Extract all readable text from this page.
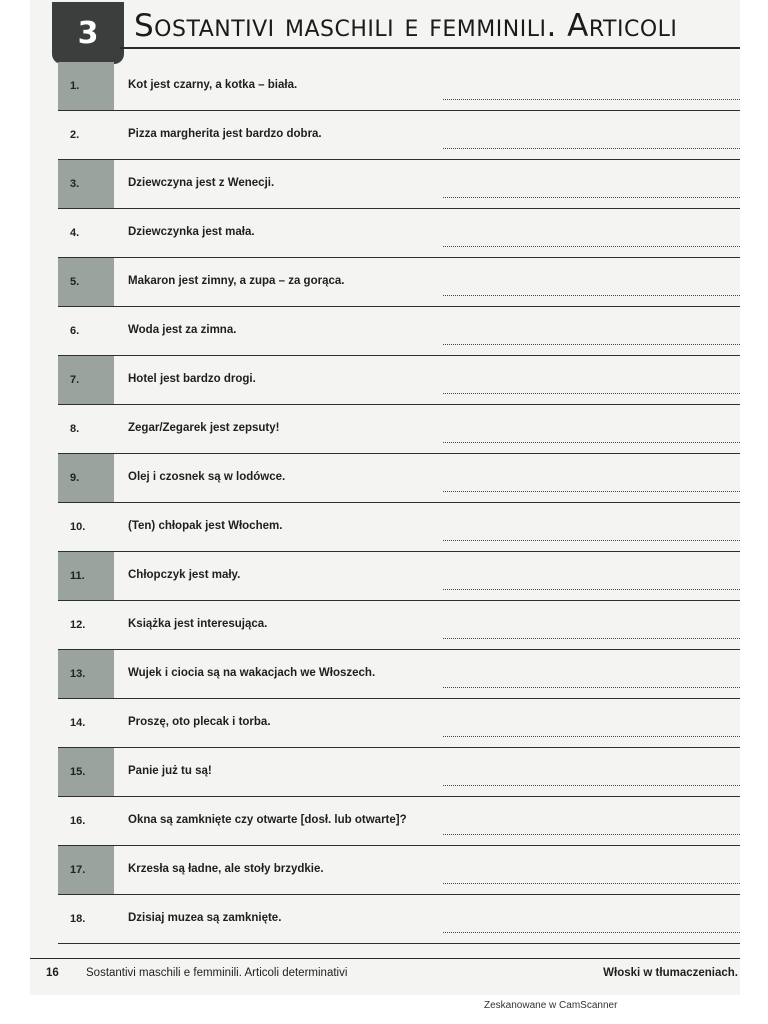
3	Sostantivi maschili e femminili. Articoli
1.	Kot jest czarny, a kotka – biała.
2.	Pizza margherita jest bardzo dobra.
3.	Dziewczyna jest z Wenecji.
4.	Dziewczynka jest mała.
5.	Makaron jest zimny, a zupa – za gorąca.
6.	Woda jest za zimna.
7.	Hotel jest bardzo drogi.
8.	Zegar/Zegarek jest zepsuty!
9.	Olej i czosnek są w lodówce.
10.	(Ten) chłopak jest Włochem.
11.	Chłopczyk jest mały.
12.	Książka jest interesująca.
13.	Wujek i ciocia są na wakacjach we Włoszech.
14.	Proszę, oto plecak i torba.
15.	Panie już tu są!
16.	Okna są zamknięte czy otwarte [dosł. lub otwarte]?
17.	Krzesła są ładne, ale stoły brzydkie.
18.	Dzisiaj muzea są zamknięte.
16 Sostantivi maschili e femminili. Articoli determinativi	Włoski w tłumaczeniach.
Zeskanowane w CamScanner
